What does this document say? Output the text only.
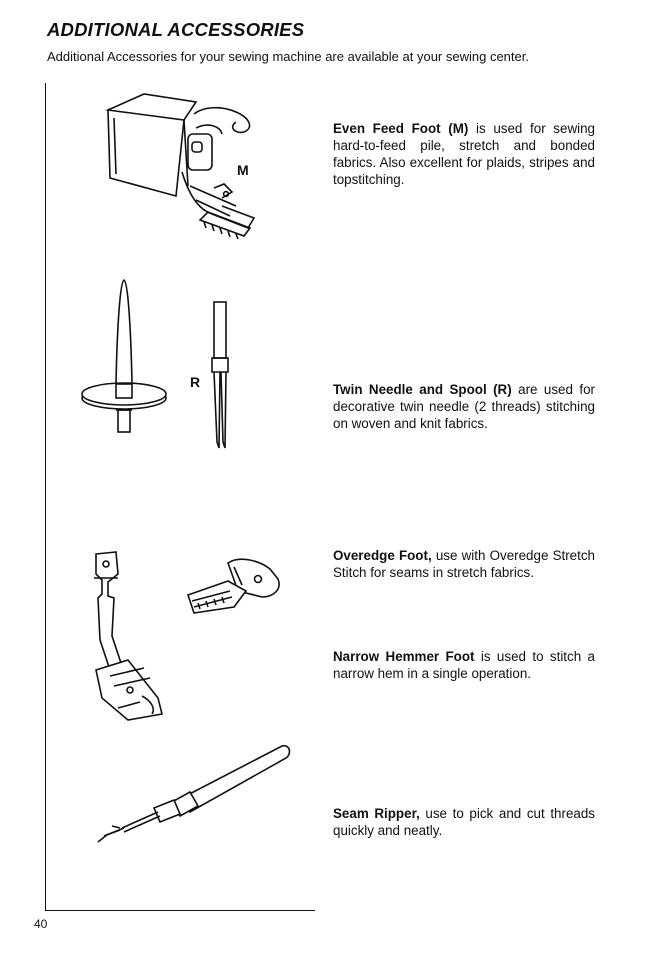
ADDITIONAL ACCESSORIES

Additional Accessories for your sewing machine are available at your sewing center.

M
R

Even Feed Foot (M) is used for sewing hard-to-feed pile, stretch and bonded fabrics. Also excellent for plaids, stripes and topstitching.

Twin Needle and Spool (R) are used for decorative twin needle (2 threads) stitching on woven and knit fabrics.

Overedge Foot, use with Overedge Stretch Stitch for seams in stretch fabrics.

Narrow Hemmer Foot is used to stitch a narrow hem in a single operation.

Seam Ripper, use to pick and cut threads quickly and neatly.

40
